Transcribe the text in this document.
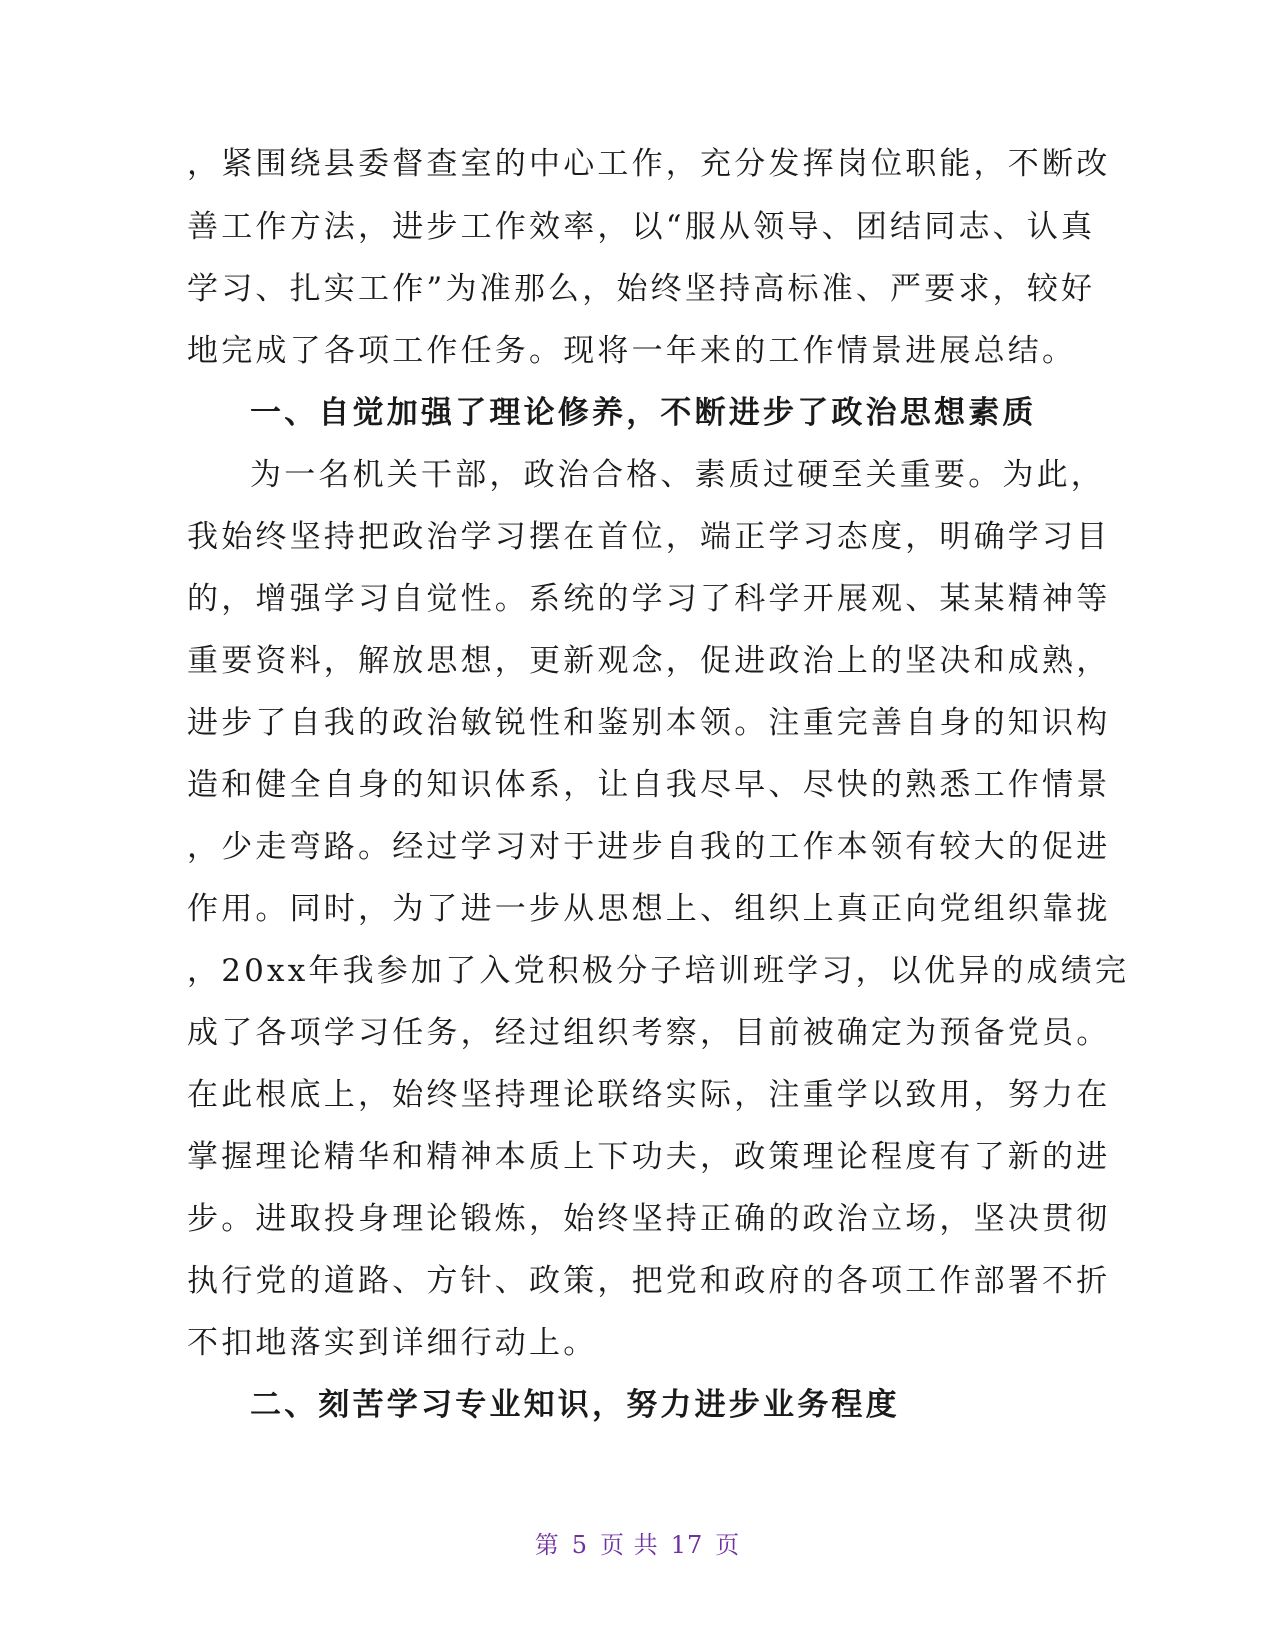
，紧围绕县委督查室的中心工作，充分发挥岗位职能，不断改
善工作方法，进步工作效率，以“服从领导、团结同志、认真
学习、扎实工作”为准那么，始终坚持高标准、严要求，较好
地完成了各项工作任务。现将一年来的工作情景进展总结。
一、自觉加强了理论修养，不断进步了政治思想素质
为一名机关干部，政治合格、素质过硬至关重要。为此，
我始终坚持把政治学习摆在首位，端正学习态度，明确学习目
的，增强学习自觉性。系统的学习了科学开展观、某某精神等
重要资料，解放思想，更新观念，促进政治上的坚决和成熟，
进步了自我的政治敏锐性和鉴别本领。注重完善自身的知识构
造和健全自身的知识体系，让自我尽早、尽快的熟悉工作情景
，少走弯路。经过学习对于进步自我的工作本领有较大的促进
作用。同时，为了进一步从思想上、组织上真正向党组织靠拢
，20xx年我参加了入党积极分子培训班学习，以优异的成绩完
成了各项学习任务，经过组织考察，目前被确定为预备党员。
在此根底上，始终坚持理论联络实际，注重学以致用，努力在
掌握理论精华和精神本质上下功夫，政策理论程度有了新的进
步。进取投身理论锻炼，始终坚持正确的政治立场，坚决贯彻
执行党的道路、方针、政策，把党和政府的各项工作部署不折
不扣地落实到详细行动上。
二、刻苦学习专业知识，努力进步业务程度
第 5 页 共 17 页
